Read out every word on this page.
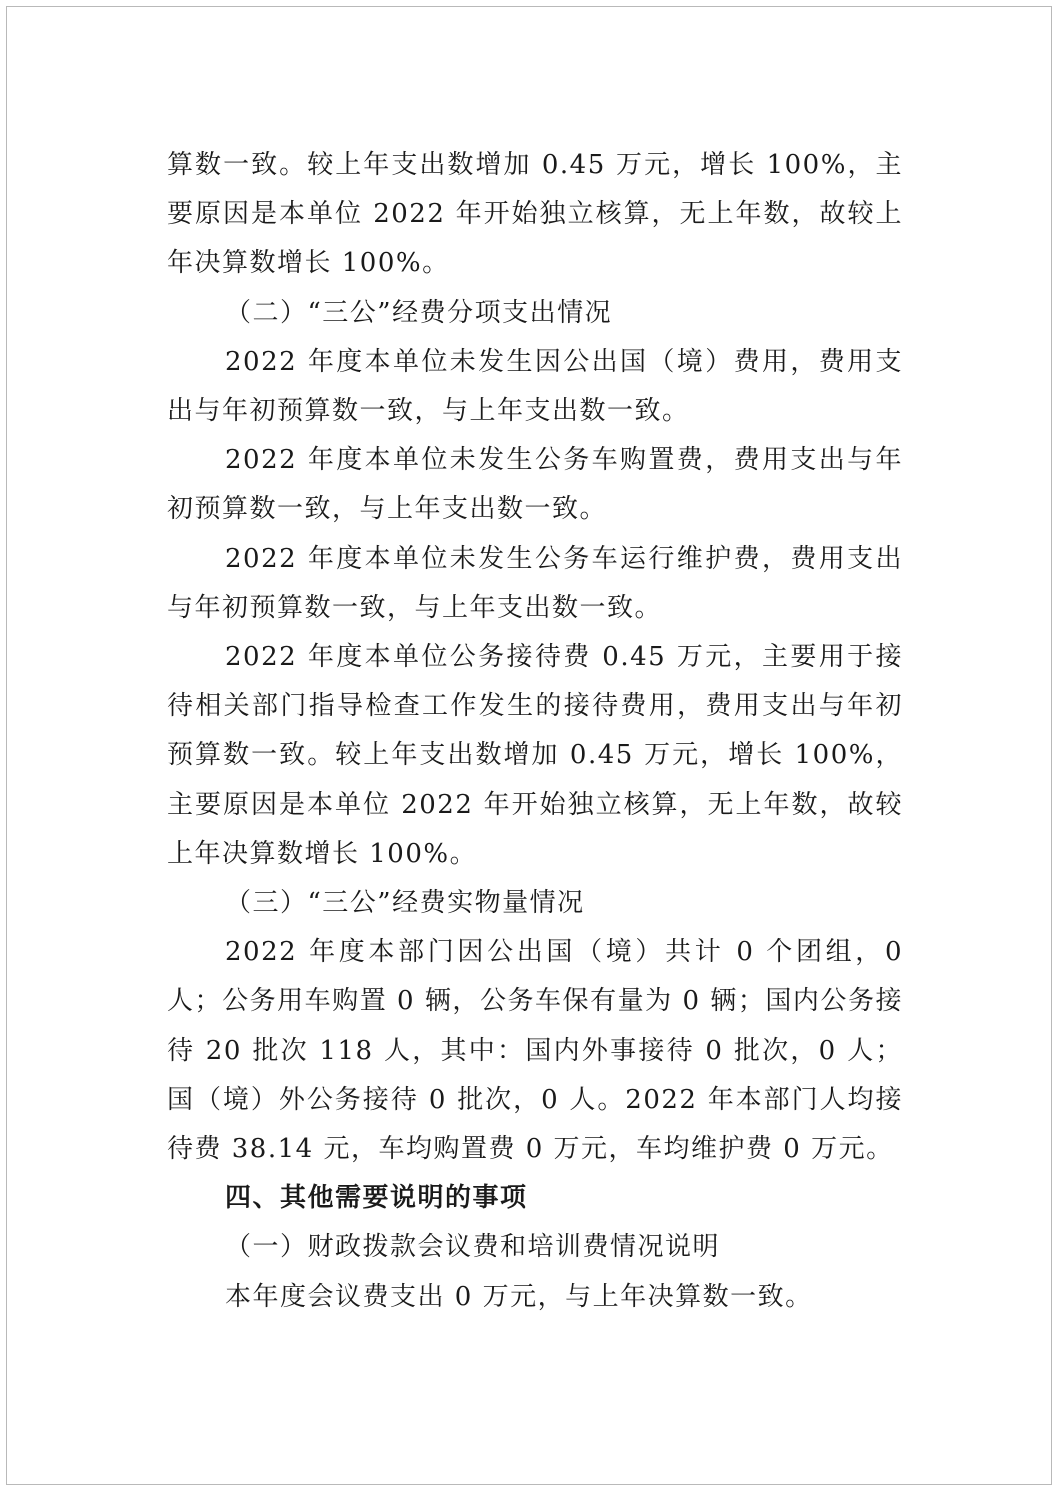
算数一致。较上年支出数增加 0.45 万元，增长 100%，主要原因是本单位 2022 年开始独立核算，无上年数，故较上年决算数增长 100%。

（二）“三公”经费分项支出情况

2022 年度本单位未发生因公出国（境）费用，费用支出与年初预算数一致，与上年支出数一致。

2022 年度本单位未发生公务车购置费，费用支出与年初预算数一致，与上年支出数一致。

2022 年度本单位未发生公务车运行维护费，费用支出与年初预算数一致，与上年支出数一致。

2022 年度本单位公务接待费 0.45 万元，主要用于接待相关部门指导检查工作发生的接待费用，费用支出与年初预算数一致。较上年支出数增加 0.45 万元，增长 100%，主要原因是本单位 2022 年开始独立核算，无上年数，故较上年决算数增长 100%。

（三）“三公”经费实物量情况

2022 年度本部门因公出国（境）共计 0 个团组，0 人；公务用车购置 0 辆，公务车保有量为 0 辆；国内公务接待 20 批次 118 人，其中：国内外事接待 0 批次，0 人；国（境）外公务接待 0 批次，0 人。2022 年本部门人均接待费 38.14 元，车均购置费 0 万元，车均维护费 0 万元。

四、其他需要说明的事项

（一）财政拨款会议费和培训费情况说明

本年度会议费支出 0 万元，与上年决算数一致。
